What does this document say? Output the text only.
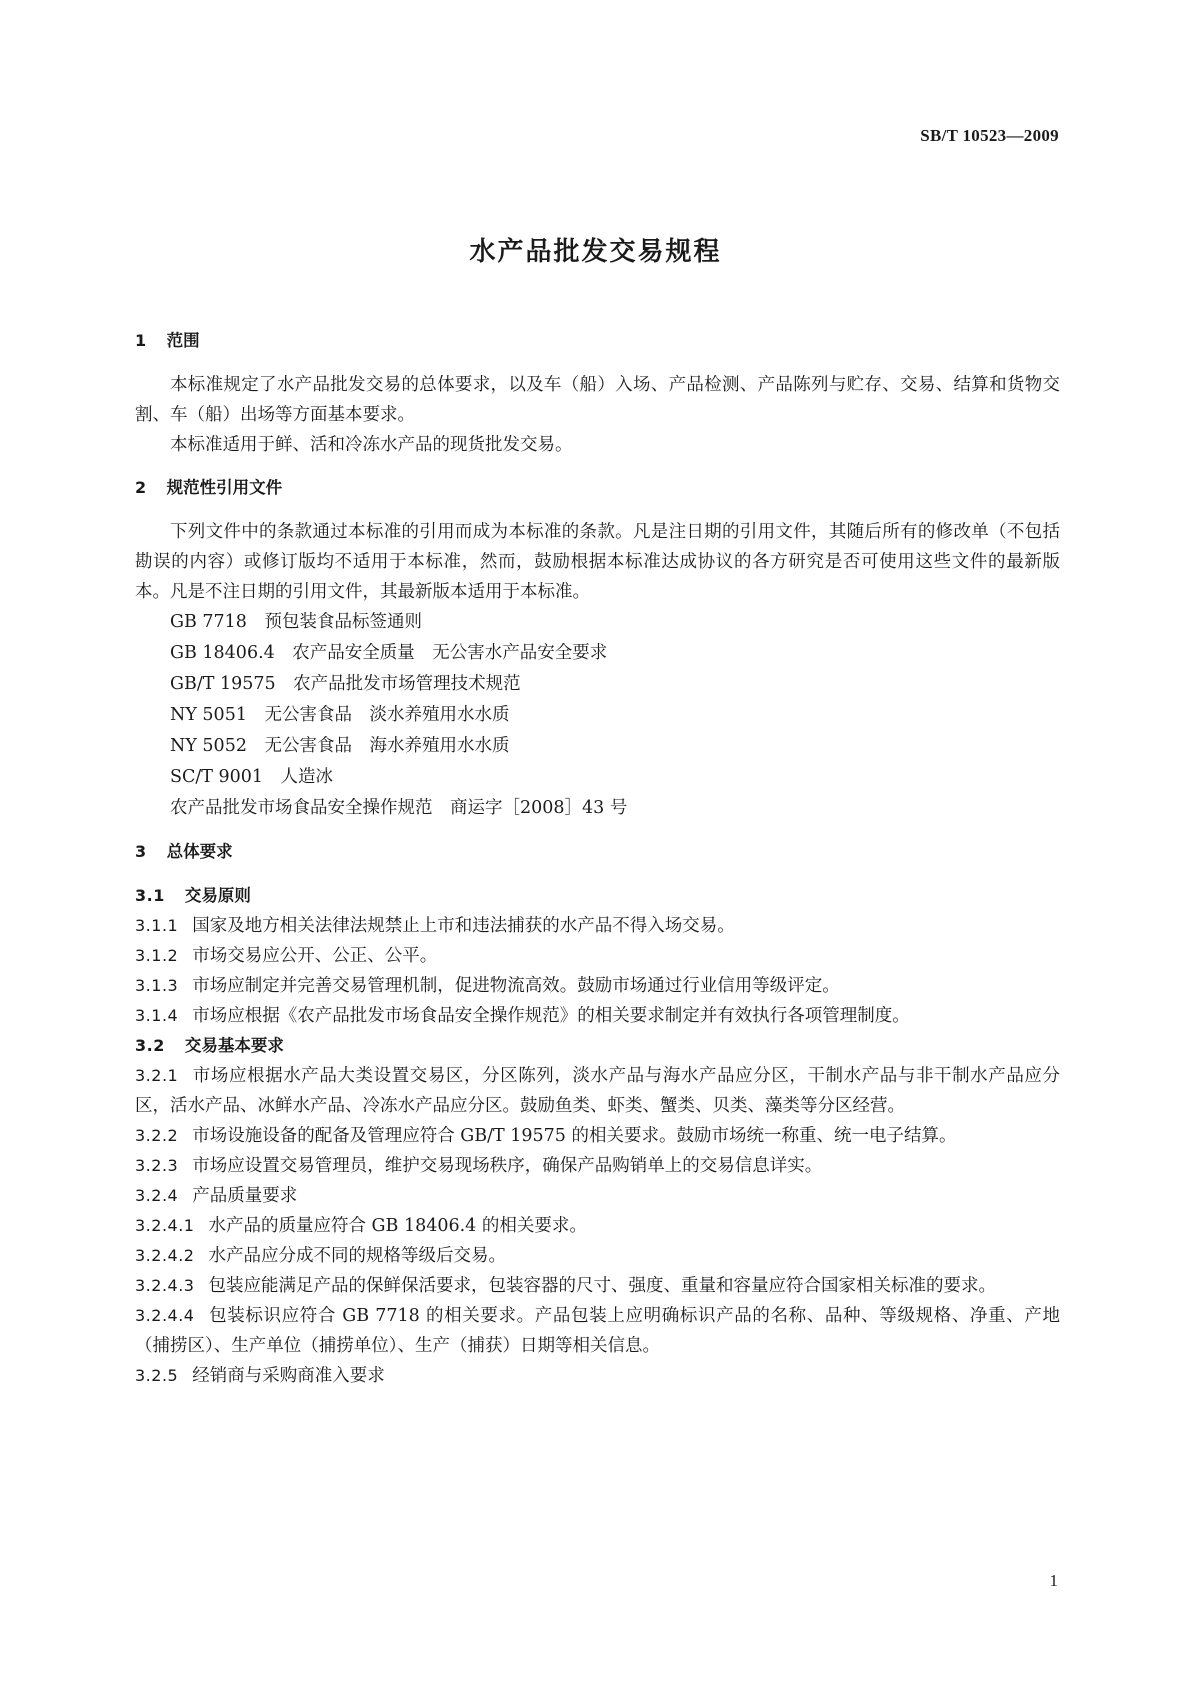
SB/T 10523—2009
水产品批发交易规程
1 范围

本标准规定了水产品批发交易的总体要求，以及车（船）入场、产品检测、产品陈列与贮存、交易、结算和货物交割、车（船）出场等方面基本要求。

本标准适用于鲜、活和冷冻水产品的现货批发交易。

2 规范性引用文件

下列文件中的条款通过本标准的引用而成为本标准的条款。凡是注日期的引用文件，其随后所有的修改单（不包括勘误的内容）或修订版均不适用于本标准，然而，鼓励根据本标准达成协议的各方研究是否可使用这些文件的最新版本。凡是不注日期的引用文件，其最新版本适用于本标准。

GB 7718　预包装食品标签通则

GB 18406.4　农产品安全质量　无公害水产品安全要求

GB/T 19575　农产品批发市场管理技术规范

NY 5051　无公害食品　淡水养殖用水水质

NY 5052　无公害食品　海水养殖用水水质

SC/T 9001　人造冰

农产品批发市场食品安全操作规范　商运字［2008］43 号

3 总体要求
3.1 交易原则

3.1.1 国家及地方相关法律法规禁止上市和违法捕获的水产品不得入场交易。

3.1.2 市场交易应公开、公正、公平。

3.1.3 市场应制定并完善交易管理机制，促进物流高效。鼓励市场通过行业信用等级评定。

3.1.4 市场应根据《农产品批发市场食品安全操作规范》的相关要求制定并有效执行各项管理制度。

3.2 交易基本要求

3.2.1 市场应根据水产品大类设置交易区，分区陈列，淡水产品与海水产品应分区，干制水产品与非干制水产品应分区，活水产品、冰鲜水产品、冷冻水产品应分区。鼓励鱼类、虾类、蟹类、贝类、藻类等分区经营。

3.2.2 市场设施设备的配备及管理应符合 GB/T 19575 的相关要求。鼓励市场统一称重、统一电子结算。

3.2.3 市场应设置交易管理员，维护交易现场秩序，确保产品购销单上的交易信息详实。

3.2.4 产品质量要求

3.2.4.1 水产品的质量应符合 GB 18406.4 的相关要求。

3.2.4.2 水产品应分成不同的规格等级后交易。

3.2.4.3 包装应能满足产品的保鲜保活要求，包装容器的尺寸、强度、重量和容量应符合国家相关标准的要求。

3.2.4.4 包装标识应符合 GB 7718 的相关要求。产品包装上应明确标识产品的名称、品种、等级规格、净重、产地（捕捞区）、生产单位（捕捞单位）、生产（捕获）日期等相关信息。

3.2.5 经销商与采购商准入要求

1
